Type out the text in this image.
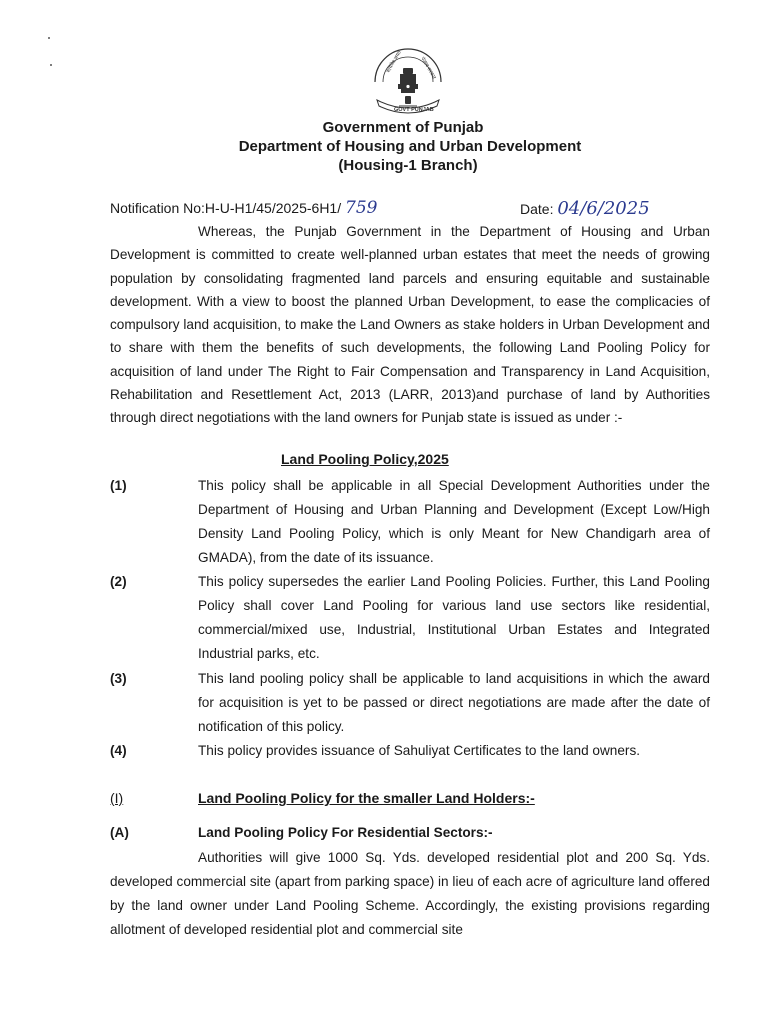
सत्यमेव जयते	पंजाब सरकार
GOVT PUNJAB
Government of Punjab
Department of Housing and Urban Development
(Housing-1 Branch)
Notification No:H-U-H1/45/2025-6H1/ 759	Date: 04/6/2025
Whereas, the Punjab Government in the Department of Housing and Urban Development is committed to create well-planned urban estates that meet the needs of growing population by consolidating fragmented land parcels and ensuring equitable and sustainable development. With a view to boost the planned Urban Development, to ease the complicacies of compulsory land acquisition, to make the Land Owners as stake holders in Urban Development and to share with them the benefits of such developments, the following Land Pooling Policy for acquisition of land under The Right to Fair Compensation and Transparency in Land Acquisition, Rehabilitation and Resettlement Act, 2013 (LARR, 2013)and purchase of land by Authorities through direct negotiations with the land owners for Punjab state is issued as under :-
Land Pooling Policy,2025
(1)	This policy shall be applicable in all Special Development Authorities under the Department of Housing and Urban Planning and Development (Except Low/High Density Land Pooling Policy, which is only Meant for New Chandigarh area of GMADA), from the date of its issuance.
(2)	This policy supersedes the earlier Land Pooling Policies. Further, this Land Pooling Policy shall cover Land Pooling for various land use sectors like residential, commercial/mixed use, Industrial, Institutional Urban Estates and Integrated Industrial parks, etc.
(3)	This land pooling policy shall be applicable to land acquisitions in which the award for acquisition is yet to be passed or direct negotiations are made after the date of notification of this policy.
(4)	This policy provides issuance of Sahuliyat Certificates to the land owners.
(I)	Land Pooling Policy for the smaller Land Holders:-
(A)	Land Pooling Policy For Residential Sectors:-
Authorities will give 1000 Sq. Yds. developed residential plot and 200 Sq. Yds. developed commercial site (apart from parking space) in lieu of each acre of agriculture land offered by the land owner under Land Pooling Scheme. Accordingly, the existing provisions regarding allotment of developed residential plot and commercial site
